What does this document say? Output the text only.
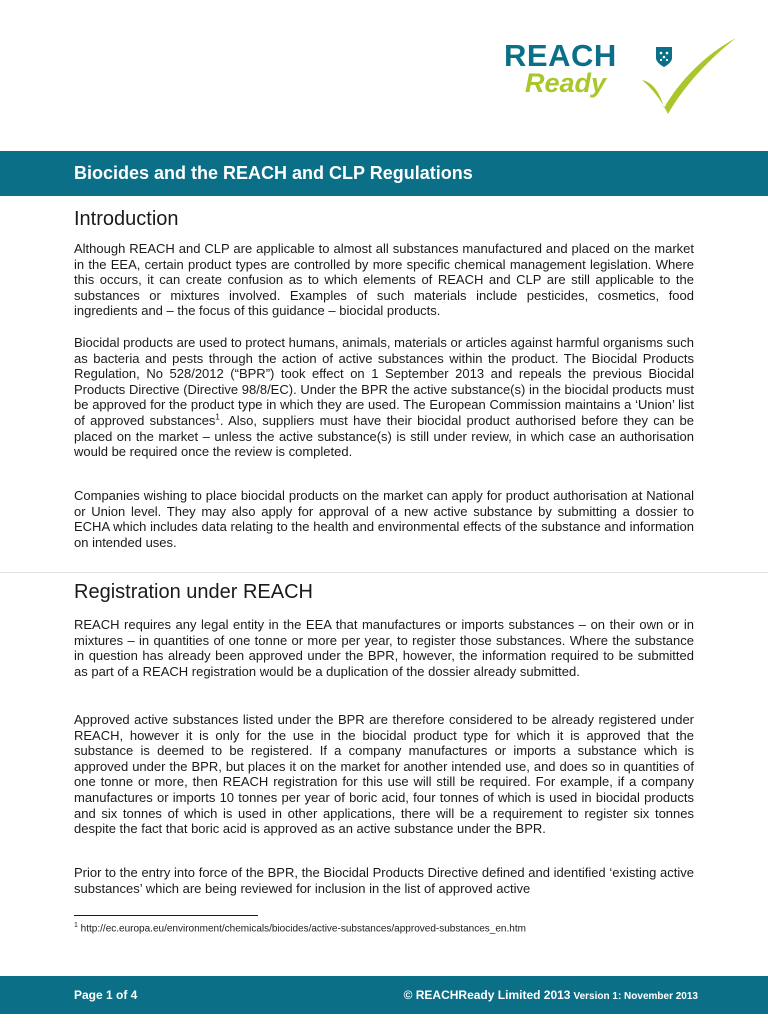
REACH
Ready
Biocides and the REACH and CLP Regulations
Introduction

Although REACH and CLP are applicable to almost all substances manufactured and placed on the market in the EEA, certain product types are controlled by more specific chemical management legislation. Where this occurs, it can create confusion as to which elements of REACH and CLP are still applicable to the substances or mixtures involved. Examples of such materials include pesticides, cosmetics, food ingredients and – the focus of this guidance – biocidal products.

Biocidal products are used to protect humans, animals, materials or articles against harmful organisms such as bacteria and pests through the action of active substances within the product. The Biocidal Products Regulation, No 528/2012 (“BPR”) took effect on 1 September 2013 and repeals the previous Biocidal Products Directive (Directive 98/8/EC). Under the BPR the active substance(s) in the biocidal products must be approved for the product type in which they are used. The European Commission maintains a ‘Union’ list of approved substances$^1$. Also, suppliers must have their biocidal product authorised before they can be placed on the market – unless the active substance(s) is still under review, in which case an authorisation would be required once the review is completed.

Companies wishing to place biocidal products on the market can apply for product authorisation at National or Union level. They may also apply for approval of a new active substance by submitting a dossier to ECHA which includes data relating to the health and environmental effects of the substance and information on intended uses.

Registration under REACH

REACH requires any legal entity in the EEA that manufactures or imports substances – on their own or in mixtures – in quantities of one tonne or more per year, to register those substances. Where the substance in question has already been approved under the BPR, however, the information required to be submitted as part of a REACH registration would be a duplication of the dossier already submitted.

Approved active substances listed under the BPR are therefore considered to be already registered under REACH, however it is only for the use in the biocidal product type for which it is approved that the substance is deemed to be registered. If a company manufactures or imports a substance which is approved under the BPR, but places it on the market for another intended use, and does so in quantities of one tonne or more, then REACH registration for this use will still be required. For example, if a company manufactures or imports 10 tonnes per year of boric acid, four tonnes of which is used in biocidal products and six tonnes of which is used in other applications, there will be a requirement to register six tonnes despite the fact that boric acid is approved as an active substance under the BPR.

Prior to the entry into force of the BPR, the Biocidal Products Directive defined and identified ‘existing active substances’ which are being reviewed for inclusion in the list of approved active

$^1$ http://ec.europa.eu/environment/chemicals/biocides/active-substances/approved-substances_en.htm

Page 1 of 4	© REACHReady Limited 2013 Version 1: November 2013
